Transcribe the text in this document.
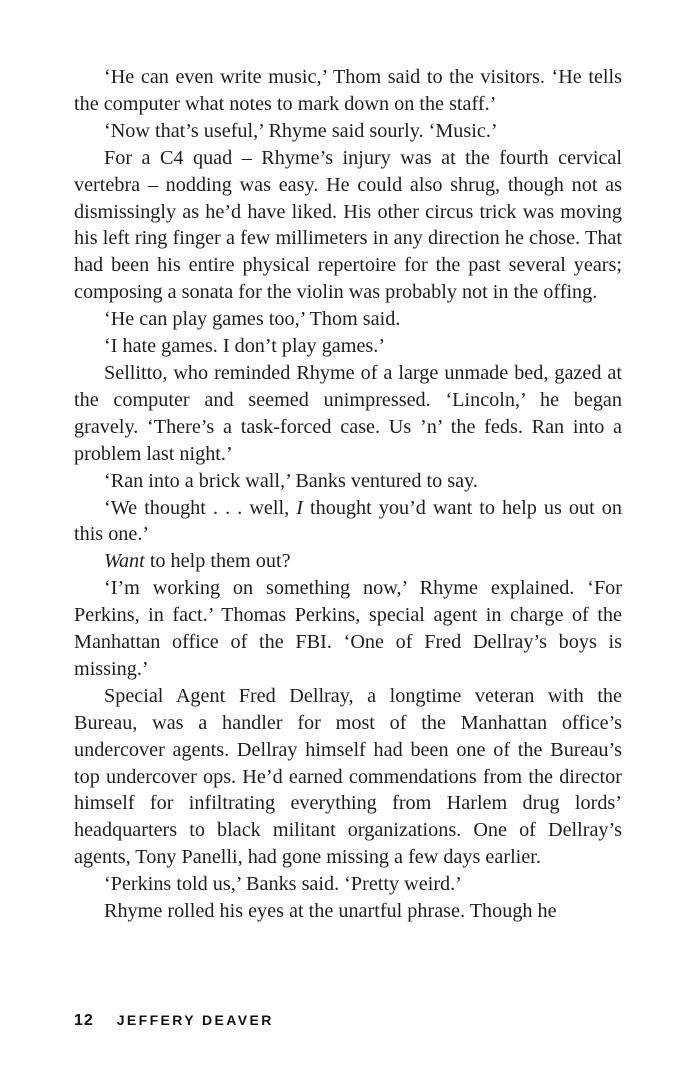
‘He can even write music,’ Thom said to the visitors. ‘He tells the computer what notes to mark down on the staff.’

‘Now that’s useful,’ Rhyme said sourly. ‘Music.’

For a C4 quad – Rhyme’s injury was at the fourth cervical vertebra – nodding was easy. He could also shrug, though not as dismissingly as he’d have liked. His other circus trick was moving his left ring finger a few millimeters in any direction he chose. That had been his entire physical repertoire for the past several years; composing a sonata for the violin was probably not in the offing.

‘He can play games too,’ Thom said.

‘I hate games. I don’t play games.’

Sellitto, who reminded Rhyme of a large unmade bed, gazed at the computer and seemed unimpressed. ‘Lincoln,’ he began gravely. ‘There’s a task-forced case. Us ’n’ the feds. Ran into a problem last night.’

‘Ran into a brick wall,’ Banks ventured to say.

‘We thought . . . well, I thought you’d want to help us out on this one.’

Want to help them out?

‘I’m working on something now,’ Rhyme explained. ‘For Perkins, in fact.’ Thomas Perkins, special agent in charge of the Manhattan office of the FBI. ‘One of Fred Dellray’s boys is missing.’

Special Agent Fred Dellray, a longtime veteran with the Bureau, was a handler for most of the Manhattan office’s undercover agents. Dellray himself had been one of the Bureau’s top undercover ops. He’d earned commendations from the director himself for infiltrating everything from Harlem drug lords’ headquarters to black militant organizations. One of Dellray’s agents, Tony Panelli, had gone missing a few days earlier.

‘Perkins told us,’ Banks said. ‘Pretty weird.’

Rhyme rolled his eyes at the unartful phrase. Though he

12 JEFFERY DEAVER
